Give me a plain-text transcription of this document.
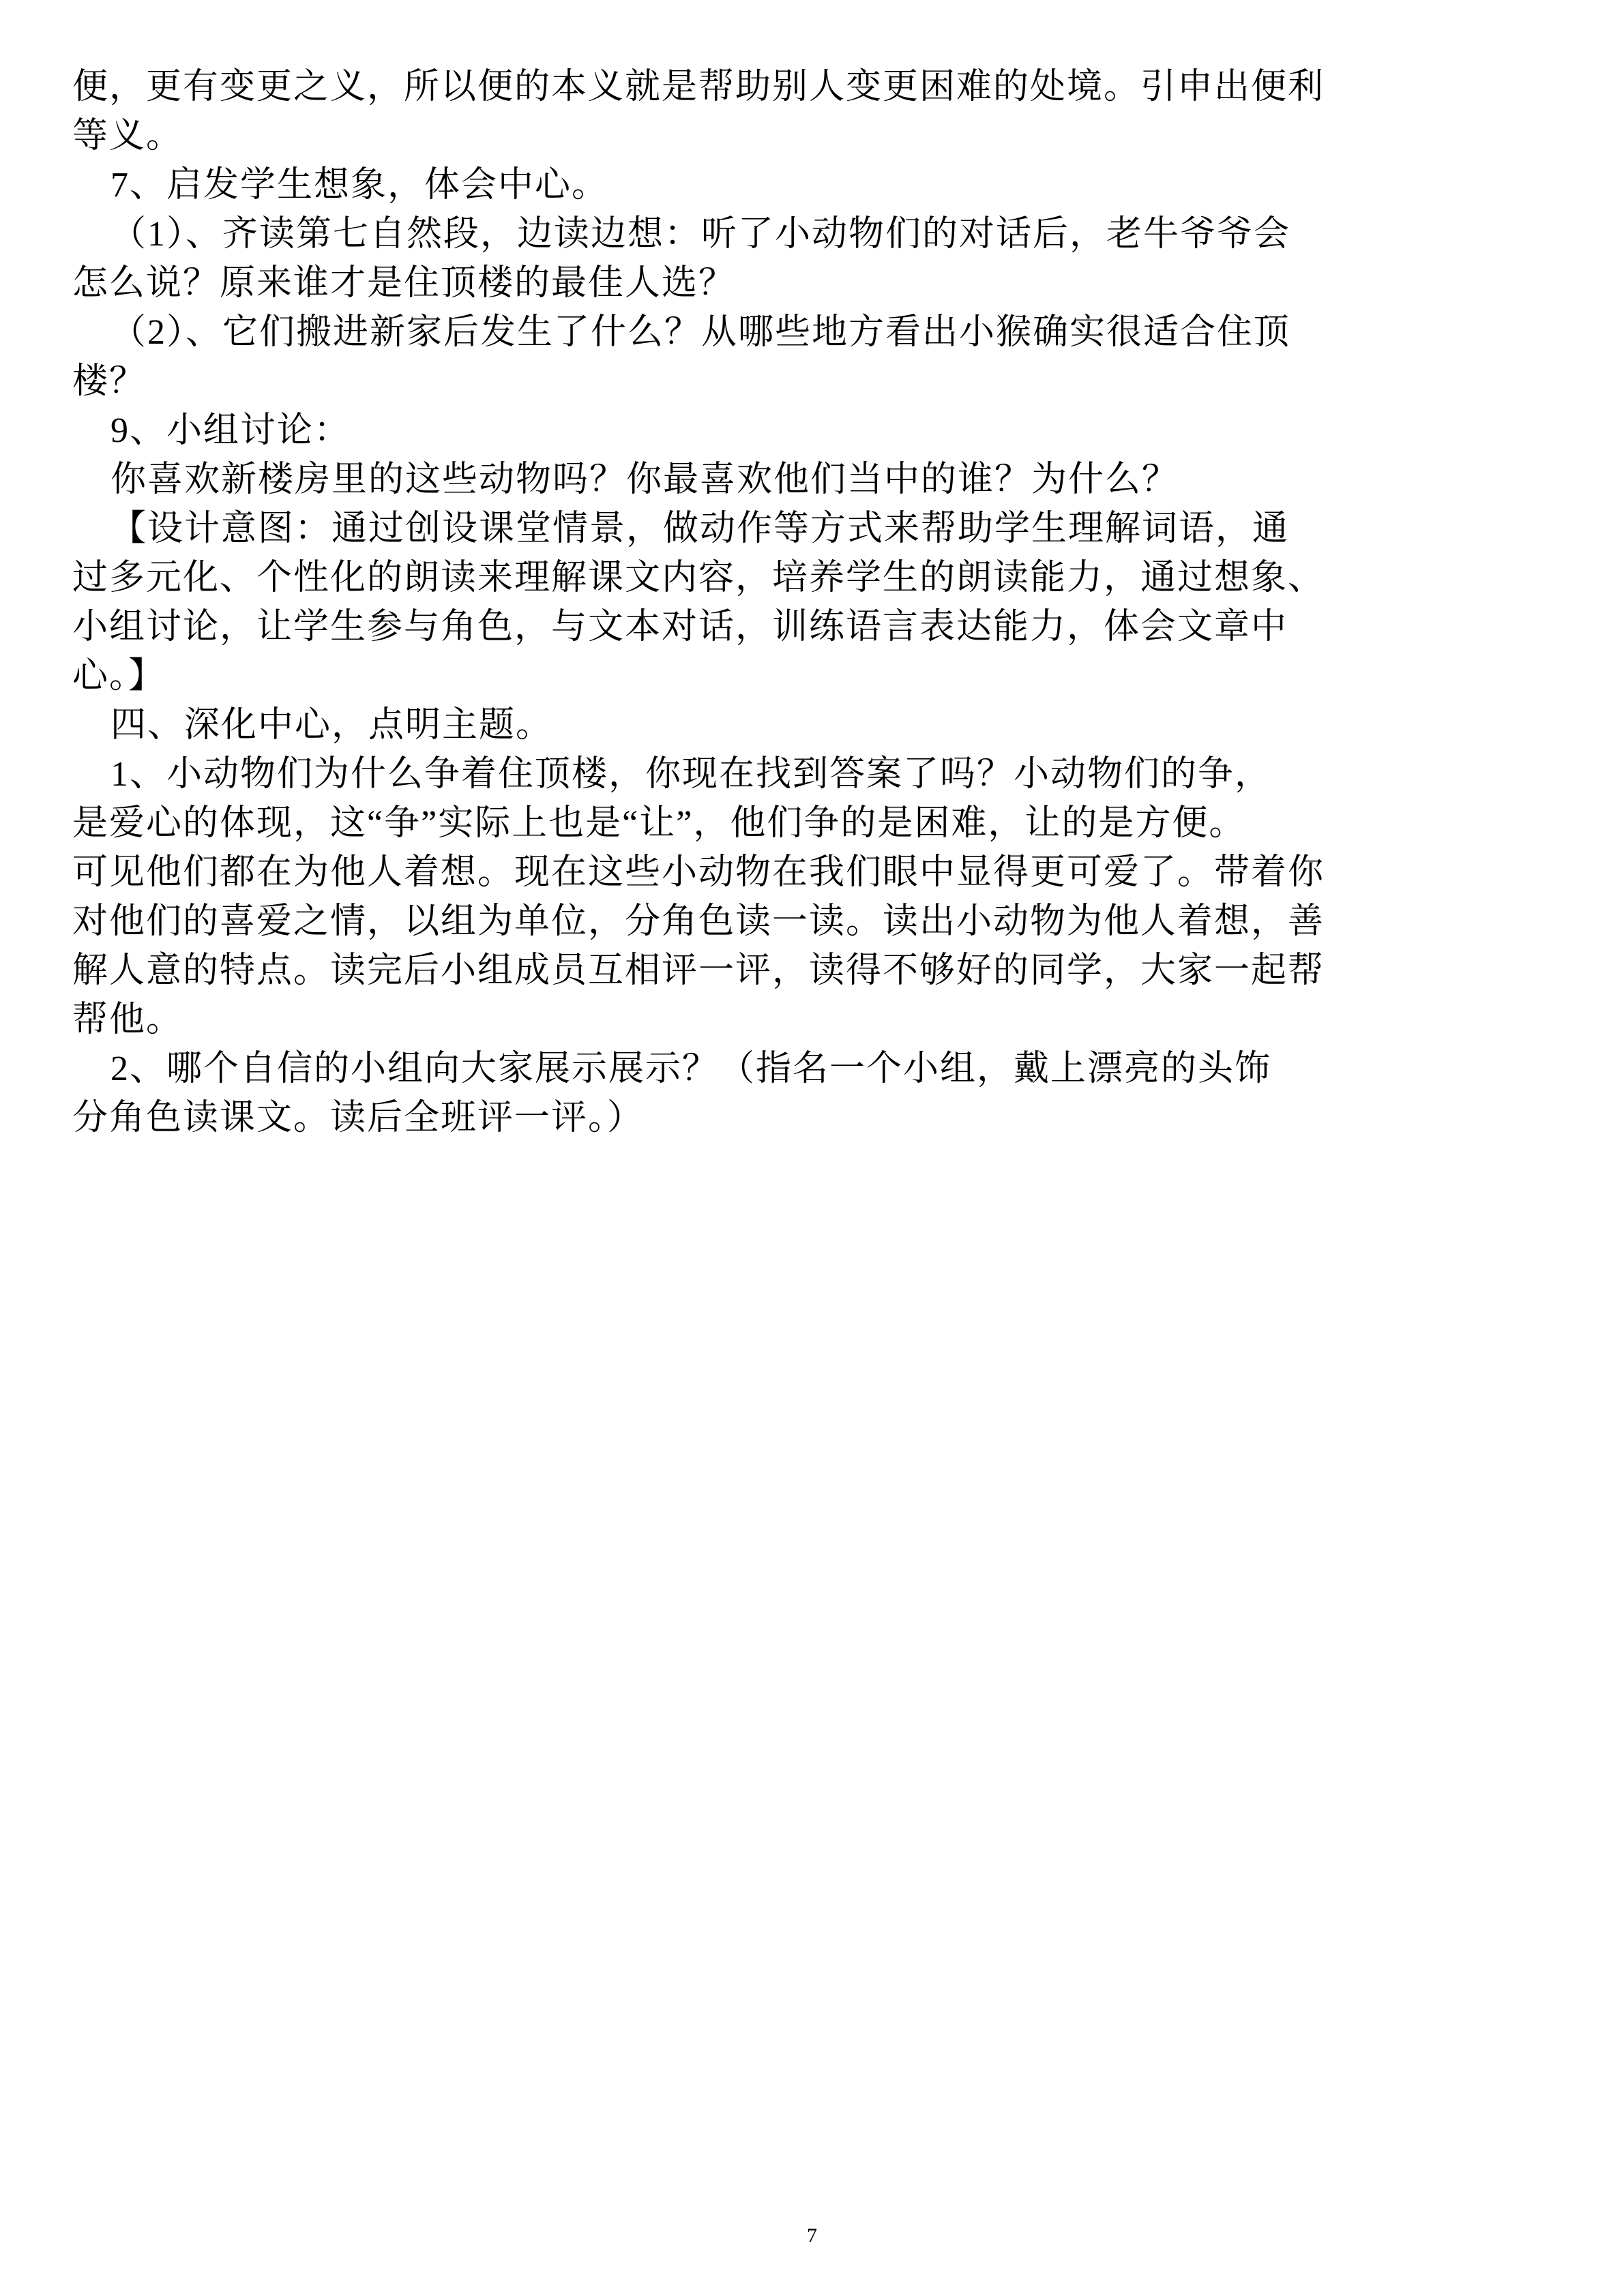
便，更有变更之义，所以便的本义就是帮助别人变更困难的处境。引申出便利
等义。

7、启发学生想象，体会中心。

（1）、齐读第七自然段，边读边想：听了小动物们的对话后，老牛爷爷会
怎么说？原来谁才是住顶楼的最佳人选？

（2）、它们搬进新家后发生了什么？从哪些地方看出小猴确实很适合住顶
楼？

9、小组讨论：

你喜欢新楼房里的这些动物吗？你最喜欢他们当中的谁？为什么？

【设计意图：通过创设课堂情景，做动作等方式来帮助学生理解词语，通
过多元化、个性化的朗读来理解课文内容，培养学生的朗读能力，通过想象、
小组讨论，让学生参与角色，与文本对话，训练语言表达能力，体会文章中
心。】

四、深化中心，点明主题。

1、小动物们为什么争着住顶楼，你现在找到答案了吗？小动物们的争，
是爱心的体现，这“争”实际上也是“让”，他们争的是困难，让的是方便。
可见他们都在为他人着想。现在这些小动物在我们眼中显得更可爱了。带着你
对他们的喜爱之情，以组为单位，分角色读一读。读出小动物为他人着想，善
解人意的特点。读完后小组成员互相评一评，读得不够好的同学，大家一起帮
帮他。

2、哪个自信的小组向大家展示展示？（指名一个小组，戴上漂亮的头饰
分角色读课文。读后全班评一评。）

7
